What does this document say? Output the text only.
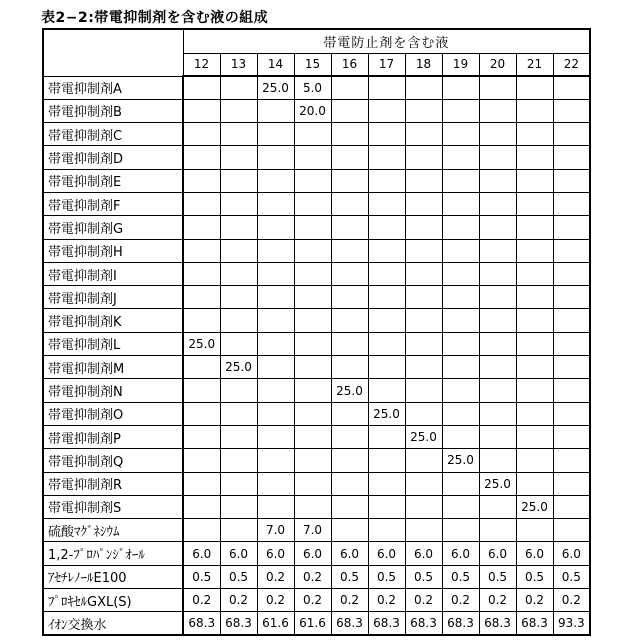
表2−2:帯電抑制剤を含む液の組成
	帯電防止剤を含む液										
	12	13	14	15	16	17	18	19	20	21	22
帯電抑制剤A			25.0	5.0							
帯電抑制剤B				20.0							
帯電抑制剤C											
帯電抑制剤D											
帯電抑制剤E											
帯電抑制剤F											
帯電抑制剤G											
帯電抑制剤H											
帯電抑制剤I											
帯電抑制剤J											
帯電抑制剤K											
帯電抑制剤L	25.0										
帯電抑制剤M		25.0									
帯電抑制剤N					25.0						
帯電抑制剤O						25.0					
帯電抑制剤P							25.0				
帯電抑制剤Q								25.0			
帯電抑制剤R									25.0		
帯電抑制剤S										25.0	
硫酸ﾏｸﾞﾈｼｳﾑ			7.0	7.0							
1,2-ﾌﾟﾛﾊﾟﾝｼﾞｵｰﾙ	6.0	6.0	6.0	6.0	6.0	6.0	6.0	6.0	6.0	6.0	6.0
ｱｾﾁﾚﾉｰﾙE100	0.5	0.5	0.2	0.2	0.5	0.5	0.5	0.5	0.5	0.5	0.5
ﾌﾟﾛｷｾﾙGXL(S)	0.2	0.2	0.2	0.2	0.2	0.2	0.2	0.2	0.2	0.2	0.2
ｲｵﾝ交換水	68.3	68.3	61.6	61.6	68.3	68.3	68.3	68.3	68.3	68.3	93.3
